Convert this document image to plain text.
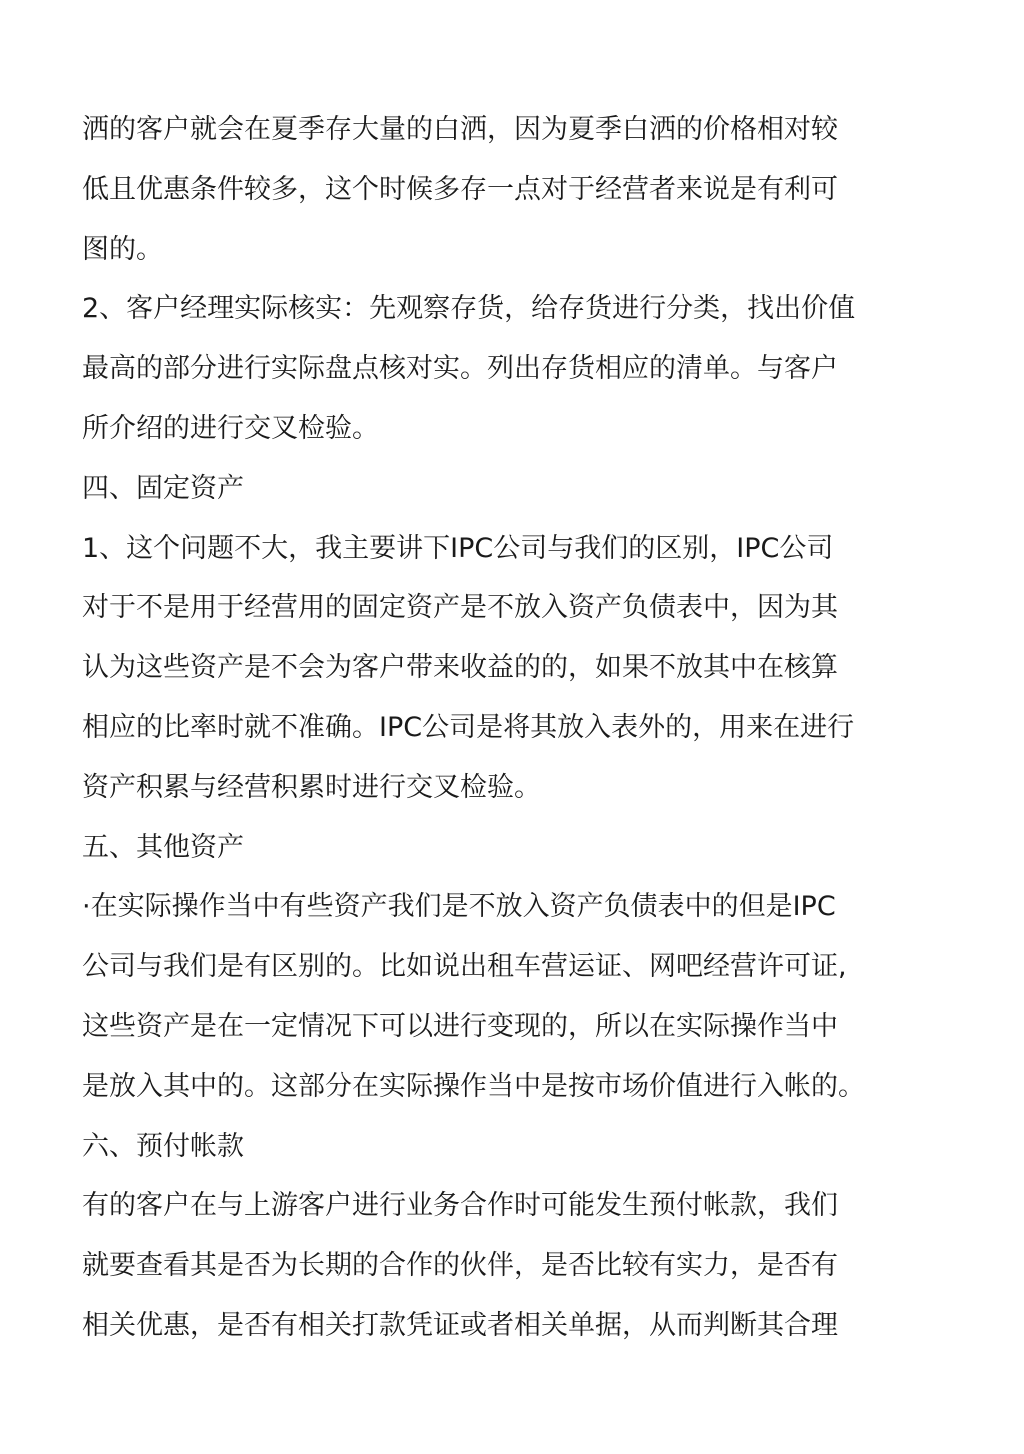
洒的客户就会在夏季存大量的白洒，因为夏季白洒的价格相对较
低且优惠条件较多，这个时候多存一点对于经营者来说是有利可
图的。
2、客户经理实际核实：先观察存货，给存货进行分类，找出价值
最高的部分进行实际盘点核对实。列出存货相应的清单。与客户
所介绍的进行交叉检验。
四、固定资产
1、这个问题不大，我主要讲下IPC公司与我们的区别，IPC公司
对于不是用于经营用的固定资产是不放入资产负债表中，因为其
认为这些资产是不会为客户带来收益的的，如果不放其中在核算
相应的比率时就不准确。IPC公司是将其放入表外的，用来在进行
资产积累与经营积累时进行交叉检验。
五、其他资产
·在实际操作当中有些资产我们是不放入资产负债表中的但是IPC
公司与我们是有区别的。比如说出租车营运证、网吧经营许可证,
这些资产是在一定情况下可以进行变现的，所以在实际操作当中
是放入其中的。这部分在实际操作当中是按市场价值进行入帐的。
六、预付帐款
有的客户在与上游客户进行业务合作时可能发生预付帐款，我们
就要查看其是否为长期的合作的伙伴，是否比较有实力，是否有
相关优惠，是否有相关打款凭证或者相关单据，从而判断其合理
